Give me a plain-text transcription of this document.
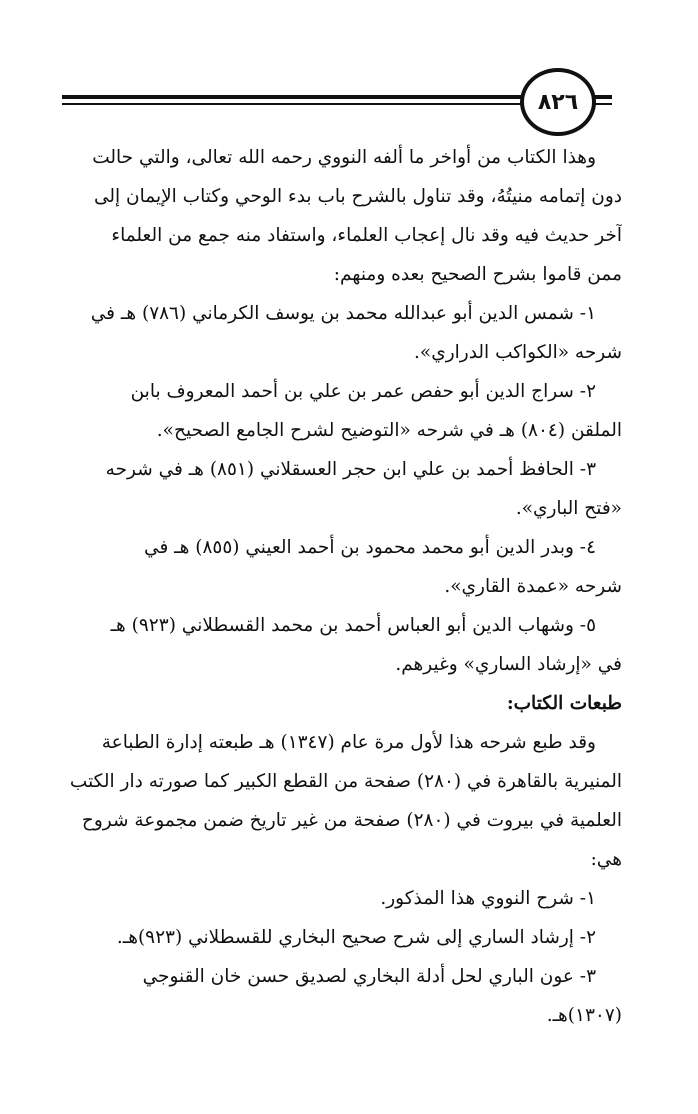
٨٢٦
وهذا الكتاب من أواخر ما ألفه النووي رحمه الله تعالى، والتي حالت
دون إتمامه منيتُهُ، وقد تناول بالشرح باب بدء الوحي وكتاب الإيمان إلى
آخر حديث فيه وقد نال إعجاب العلماء، واستفاد منه جمع من العلماء
ممن قاموا بشرح الصحيح بعده ومنهم:
١- شمس الدين أبو عبدالله محمد بن يوسف الكرماني (٧٨٦) هـ في
شرحه «الكواكب الدراري».
٢- سراج الدين أبو حفص عمر بن علي بن أحمد المعروف بابن
الملقن (٨٠٤) هـ في شرحه «التوضيح لشرح الجامع الصحيح».
٣- الحافظ أحمد بن علي ابن حجر العسقلاني (٨٥١) هـ في شرحه
«فتح الباري».
٤- وبدر الدين أبو محمد محمود بن أحمد العيني (٨٥٥) هـ في
شرحه «عمدة القاري».
٥- وشهاب الدين أبو العباس أحمد بن محمد القسطلاني (٩٢٣) هـ
في «إرشاد الساري» وغيرهم.
طبعات الكتاب:
وقد طبع شرحه هذا لأول مرة عام (١٣٤٧) هـ طبعته إدارة الطباعة
المنيرية بالقاهرة في (٢٨٠) صفحة من القطع الكبير كما صورته دار الكتب
العلمية في بيروت في (٢٨٠) صفحة من غير تاريخ ضمن مجموعة شروح
هي:
١- شرح النووي هذا المذكور.
٢- إرشاد الساري إلى شرح صحيح البخاري للقسطلاني (٩٢٣)هـ.
٣- عون الباري لحل أدلة البخاري لصديق حسن خان القنوجي
(١٣٠٧)هـ.
